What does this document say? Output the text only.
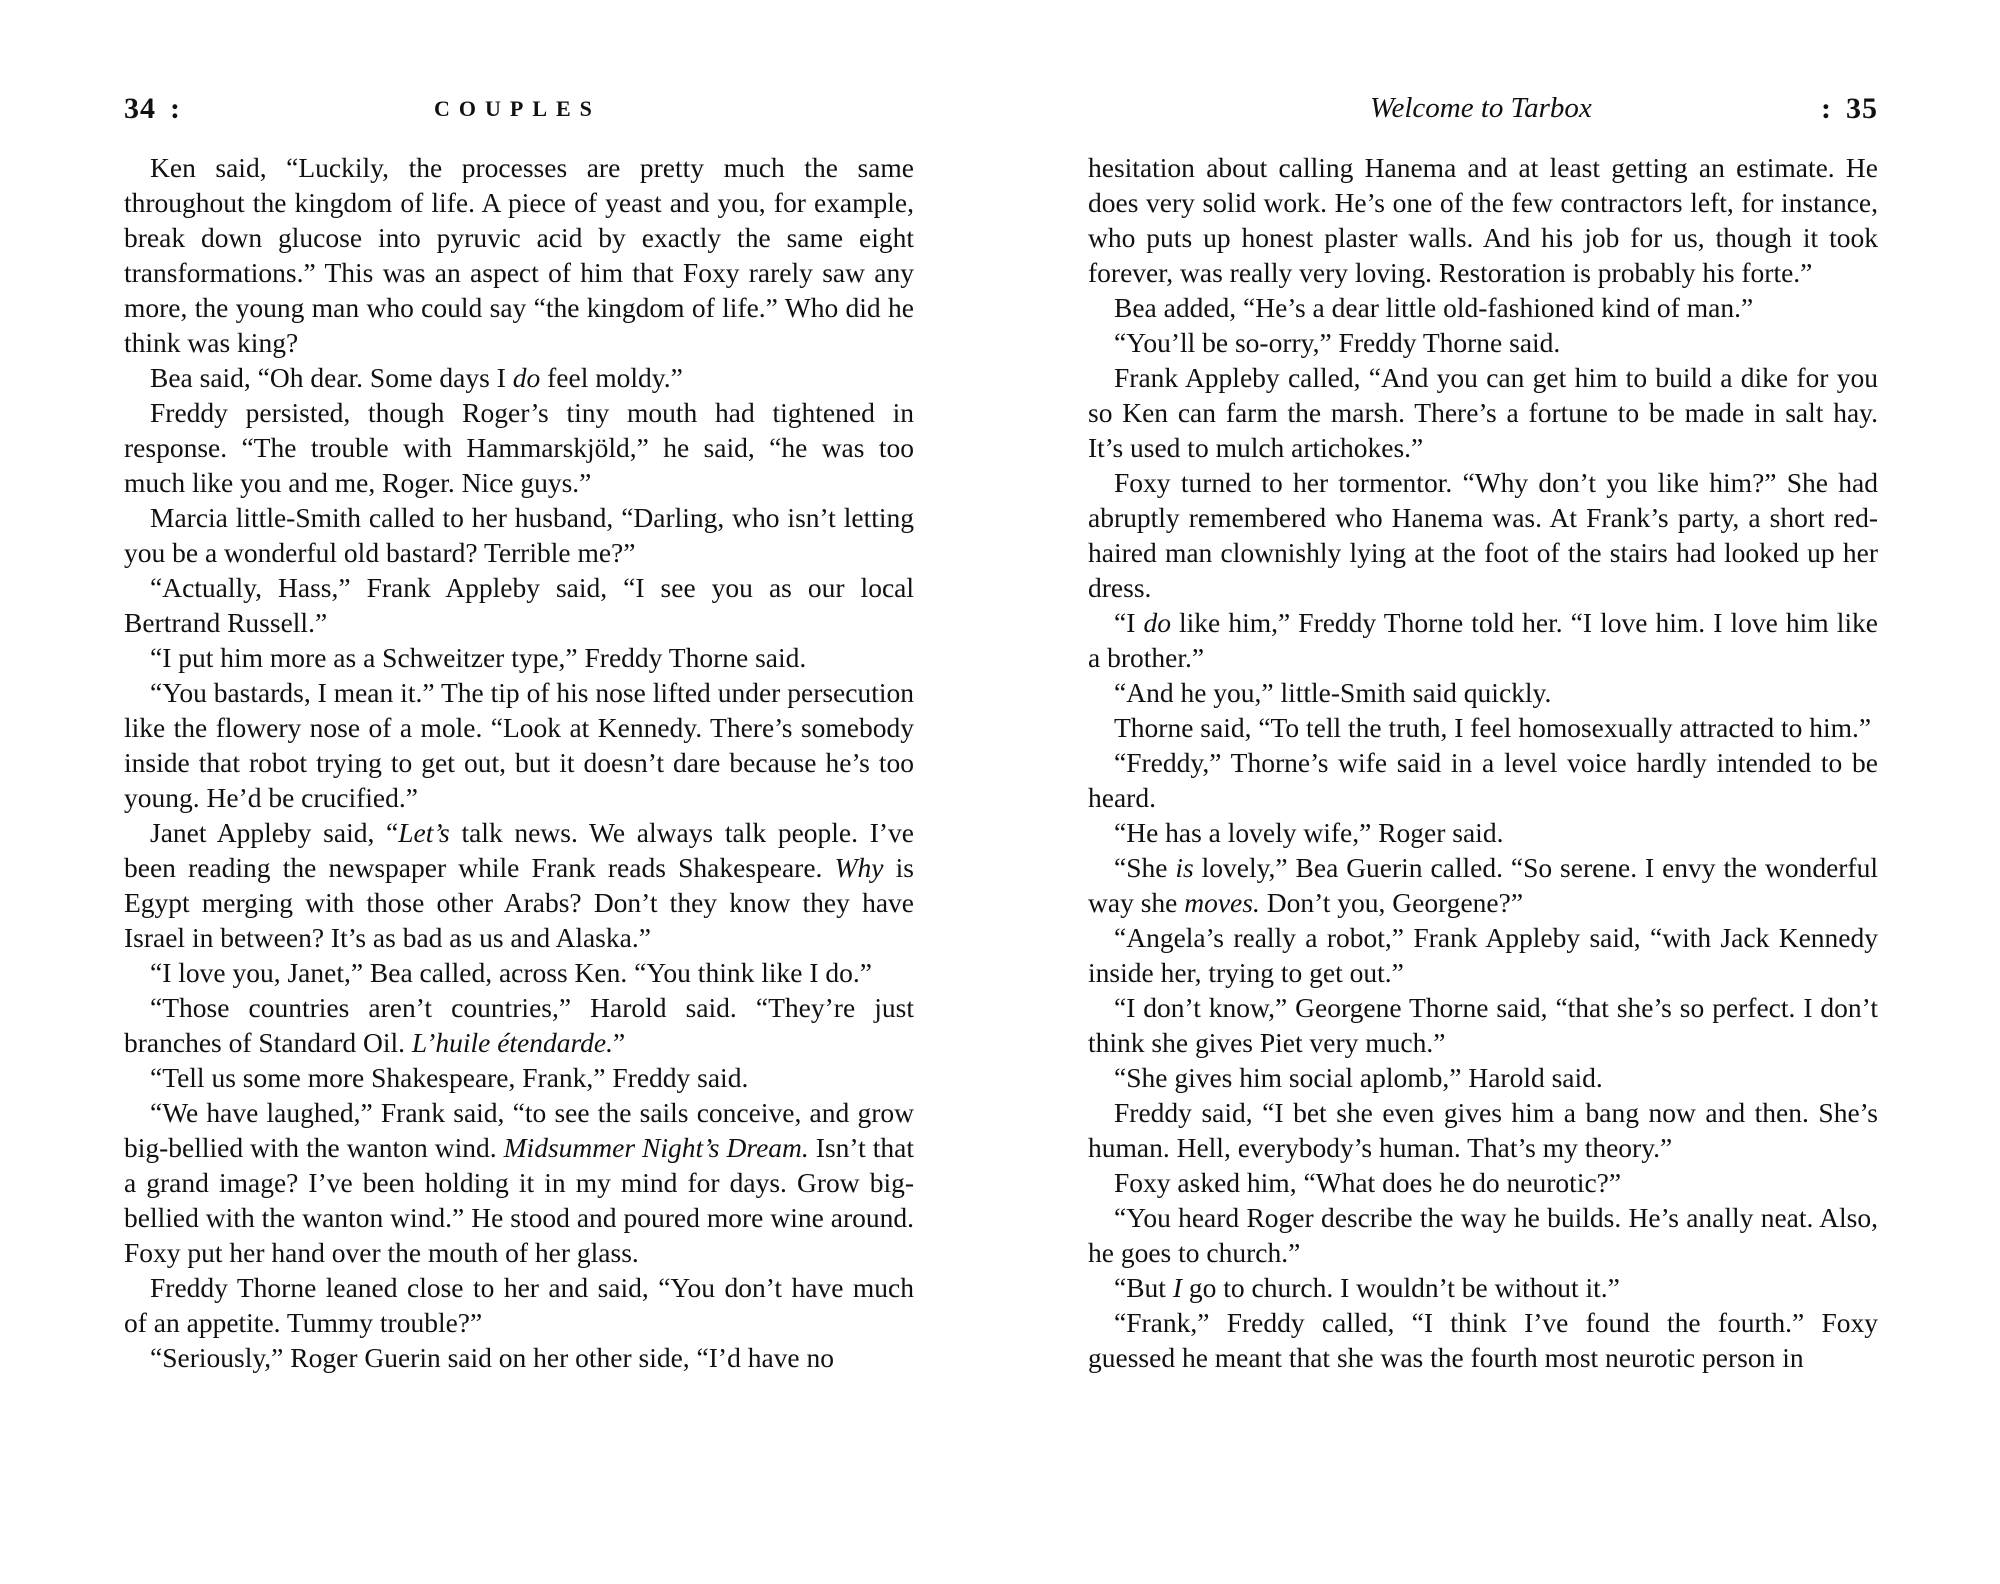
34 :	COUPLES

Ken said, “Luckily, the processes are pretty much the same throughout the kingdom of life. A piece of yeast and you, for example, break down glucose into pyruvic acid by exactly the same eight transformations.” This was an aspect of him that Foxy rarely saw any more, the young man who could say “the kingdom of life.” Who did he think was king?

Bea said, “Oh dear. Some days I do feel moldy.”

Freddy persisted, though Roger’s tiny mouth had tightened in response. “The trouble with Hammarskjöld,” he said, “he was too much like you and me, Roger. Nice guys.”

Marcia little-Smith called to her husband, “Darling, who isn’t letting you be a wonderful old bastard? Terrible me?”

“Actually, Hass,” Frank Appleby said, “I see you as our local Bertrand Russell.”

“I put him more as a Schweitzer type,” Freddy Thorne said.

“You bastards, I mean it.” The tip of his nose lifted under persecution like the flowery nose of a mole. “Look at Kennedy. There’s somebody inside that robot trying to get out, but it doesn’t dare because he’s too young. He’d be crucified.”

Janet Appleby said, “Let’s talk news. We always talk people. I’ve been reading the newspaper while Frank reads Shakespeare. Why is Egypt merging with those other Arabs? Don’t they know they have Israel in between? It’s as bad as us and Alaska.”

“I love you, Janet,” Bea called, across Ken. “You think like I do.”

“Those countries aren’t countries,” Harold said. “They’re just branches of Standard Oil. L’huile étendarde.”

“Tell us some more Shakespeare, Frank,” Freddy said.

“We have laughed,” Frank said, “to see the sails conceive, and grow big-bellied with the wanton wind. Midsummer Night’s Dream. Isn’t that a grand image? I’ve been holding it in my mind for days. Grow big-bellied with the wanton wind.” He stood and poured more wine around. Foxy put her hand over the mouth of her glass.

Freddy Thorne leaned close to her and said, “You don’t have much of an appetite. Tummy trouble?”

“Seriously,” Roger Guerin said on her other side, “I’d have no

Welcome to Tarbox	: 35

hesitation about calling Hanema and at least getting an estimate. He does very solid work. He’s one of the few contractors left, for instance, who puts up honest plaster walls. And his job for us, though it took forever, was really very loving. Restoration is probably his forte.”

Bea added, “He’s a dear little old-fashioned kind of man.”

“You’ll be so-orry,” Freddy Thorne said.

Frank Appleby called, “And you can get him to build a dike for you so Ken can farm the marsh. There’s a fortune to be made in salt hay. It’s used to mulch artichokes.”

Foxy turned to her tormentor. “Why don’t you like him?” She had abruptly remembered who Hanema was. At Frank’s party, a short red-haired man clownishly lying at the foot of the stairs had looked up her dress.

“I do like him,” Freddy Thorne told her. “I love him. I love him like a brother.”

“And he you,” little-Smith said quickly.

Thorne said, “To tell the truth, I feel homosexually attracted to him.”

“Freddy,” Thorne’s wife said in a level voice hardly intended to be heard.

“He has a lovely wife,” Roger said.

“She is lovely,” Bea Guerin called. “So serene. I envy the wonderful way she moves. Don’t you, Georgene?”

“Angela’s really a robot,” Frank Appleby said, “with Jack Kennedy inside her, trying to get out.”

“I don’t know,” Georgene Thorne said, “that she’s so perfect. I don’t think she gives Piet very much.”

“She gives him social aplomb,” Harold said.

Freddy said, “I bet she even gives him a bang now and then. She’s human. Hell, everybody’s human. That’s my theory.”

Foxy asked him, “What does he do neurotic?”

“You heard Roger describe the way he builds. He’s anally neat. Also, he goes to church.”

“But I go to church. I wouldn’t be without it.”

“Frank,” Freddy called, “I think I’ve found the fourth.” Foxy guessed he meant that she was the fourth most neurotic person in
